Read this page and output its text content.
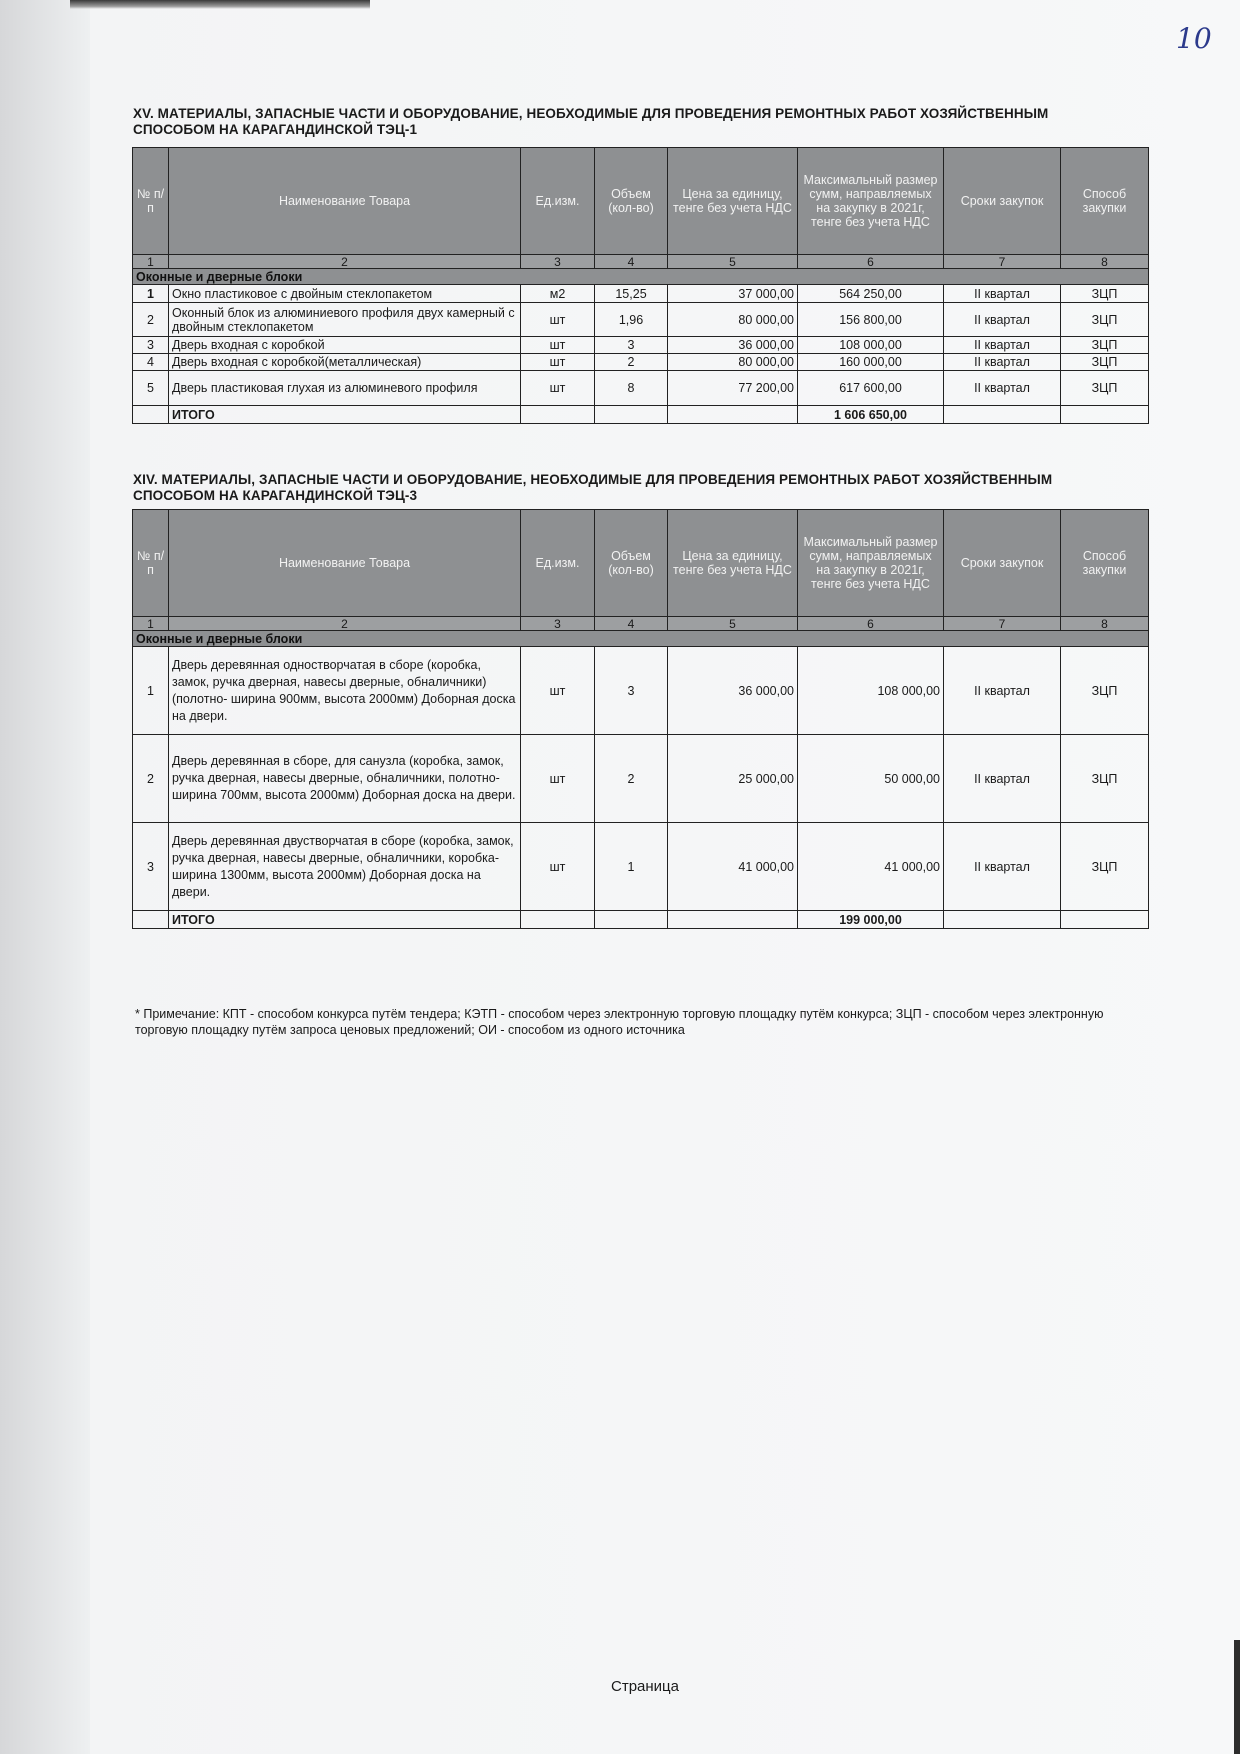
10
XV. МАТЕРИАЛЫ, ЗАПАСНЫЕ ЧАСТИ И ОБОРУДОВАНИЕ, НЕОБХОДИМЫЕ ДЛЯ ПРОВЕДЕНИЯ РЕМОНТНЫХ РАБОТ ХОЗЯЙСТВЕННЫМ СПОСОБОМ НА КАРАГАНДИНСКОЙ ТЭЦ-1
№ п/п	Наименование Товара	Ед.изм.	Объем (кол-во)	Цена за единицу, тенге без учета НДС	Максимальный размер сумм, направляемых на закупку в 2021г, тенге без учета НДС	Сроки закупок	Способ закупки
1	2	3	4	5	6	7	8
Оконные и дверные блоки							
1	Окно пластиковое с двойным стеклопакетом	м2	15,25	37 000,00	564 250,00	II квартал	ЗЦП
2	Оконный блок из алюминиевого профиля двух камерный с двойным стеклопакетом	шт	1,96	80 000,00	156 800,00	II квартал	ЗЦП
3	Дверь входная с коробкой	шт	3	36 000,00	108 000,00	II квартал	ЗЦП
4	Дверь входная с коробкой(металлическая)	шт	2	80 000,00	160 000,00	II квартал	ЗЦП
5	Дверь пластиковая глухая из алюминевого профиля	шт	8	77 200,00	617 600,00	II квартал	ЗЦП
	ИТОГО				1 606 650,00		
XIV. МАТЕРИАЛЫ, ЗАПАСНЫЕ ЧАСТИ И ОБОРУДОВАНИЕ, НЕОБХОДИМЫЕ ДЛЯ ПРОВЕДЕНИЯ РЕМОНТНЫХ РАБОТ ХОЗЯЙСТВЕННЫМ СПОСОБОМ НА КАРАГАНДИНСКОЙ ТЭЦ-3
№ п/п	Наименование Товара	Ед.изм.	Объем (кол-во)	Цена за единицу, тенге без учета НДС	Максимальный размер сумм, направляемых на закупку в 2021г, тенге без учета НДС	Сроки закупок	Способ закупки
1	2	3	4	5	6	7	8
Оконные и дверные блоки							
1	Дверь деревянная одностворчатая в сборе (коробка, замок, ручка дверная, навесы дверные, обналичники)(полотно- ширина 900мм, высота 2000мм) Доборная доска на двери.	шт	3	36 000,00	108 000,00	II квартал	ЗЦП
2	Дверь деревянная в сборе, для санузла (коробка, замок, ручка дверная, навесы дверные, обналичники, полотно- ширина 700мм, высота 2000мм) Доборная доска на двери.	шт	2	25 000,00	50 000,00	II квартал	ЗЦП
3	Дверь деревянная двустворчатая в сборе (коробка, замок, ручка дверная, навесы дверные, обналичники, коробка- ширина 1300мм, высота 2000мм) Доборная доска на двери.	шт	1	41 000,00	41 000,00	II квартал	ЗЦП
	ИТОГО				199 000,00		
* Примечание: КПТ - способом конкурса путём тендера; КЭТП - способом через электронную торговую площадку путём конкурса; ЗЦП - способом через электронную торговую площадку путём запроса ценовых предложений; ОИ - способом из одного источника
Страница
